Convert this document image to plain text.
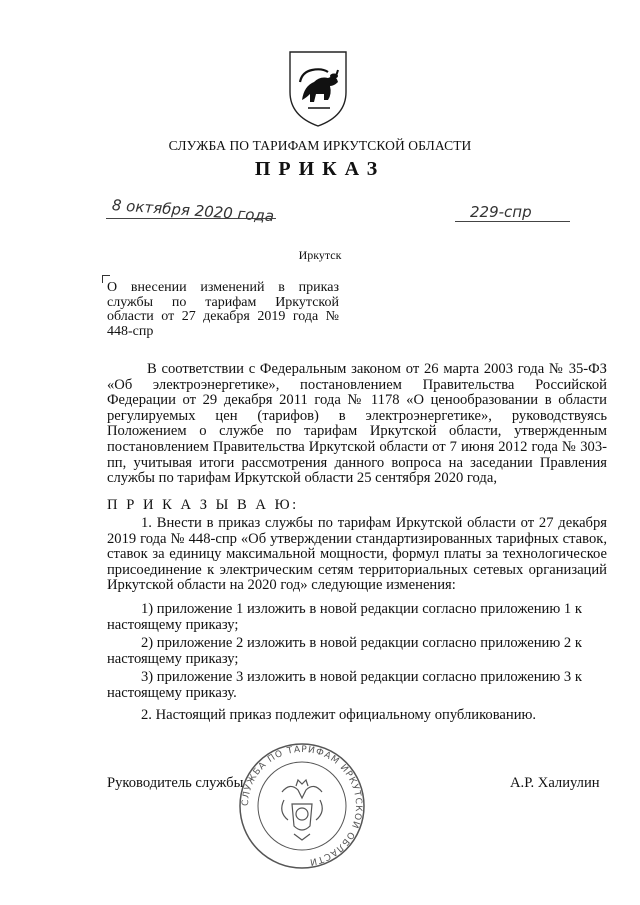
СЛУЖБА ПО ТАРИФАМ ИРКУТСКОЙ ОБЛАСТИ
ПРИКАЗ
8 октября 2020 года	229-спр
Иркутск
О внесении изменений в приказ службы по тарифам Иркутской области от 27 декабря 2019 года № 448-спр
В соответствии с Федеральным законом от 26 марта 2003 года № 35-ФЗ «Об электроэнергетике», постановлением Правительства Российской Федерации от 29 декабря 2011 года № 1178 «О ценообразовании в области регулируемых цен (тарифов) в электроэнергетике», руководствуясь Положением о службе по тарифам Иркутской области, утвержденным постановлением Правительства Иркутской области от 7 июня 2012 года № 303-пп, учитывая итоги рассмотрения данного вопроса на заседании Правления службы по тарифам Иркутской области 25 сентября 2020 года,
П Р И К А З Ы В А Ю:
1. Внести в приказ службы по тарифам Иркутской области от 27 декабря 2019 года № 448-спр «Об утверждении стандартизированных тарифных ставок, ставок за единицу максимальной мощности, формул платы за технологическое присоединение к электрическим сетям территориальных сетевых организаций Иркутской области на 2020 год» следующие изменения:
1) приложение 1 изложить в новой редакции согласно приложению 1 к настоящему приказу;
2) приложение 2 изложить в новой редакции согласно приложению 2 к настоящему приказу;
3) приложение 3 изложить в новой редакции согласно приложению 3 к настоящему приказу.
2. Настоящий приказ подлежит официальному опубликованию.
СЛУЖБА ПО ТАРИФАМ ИРКУТСКОЙ ОБЛАСТИ
Руководитель службы	А.Р. Халиулин
